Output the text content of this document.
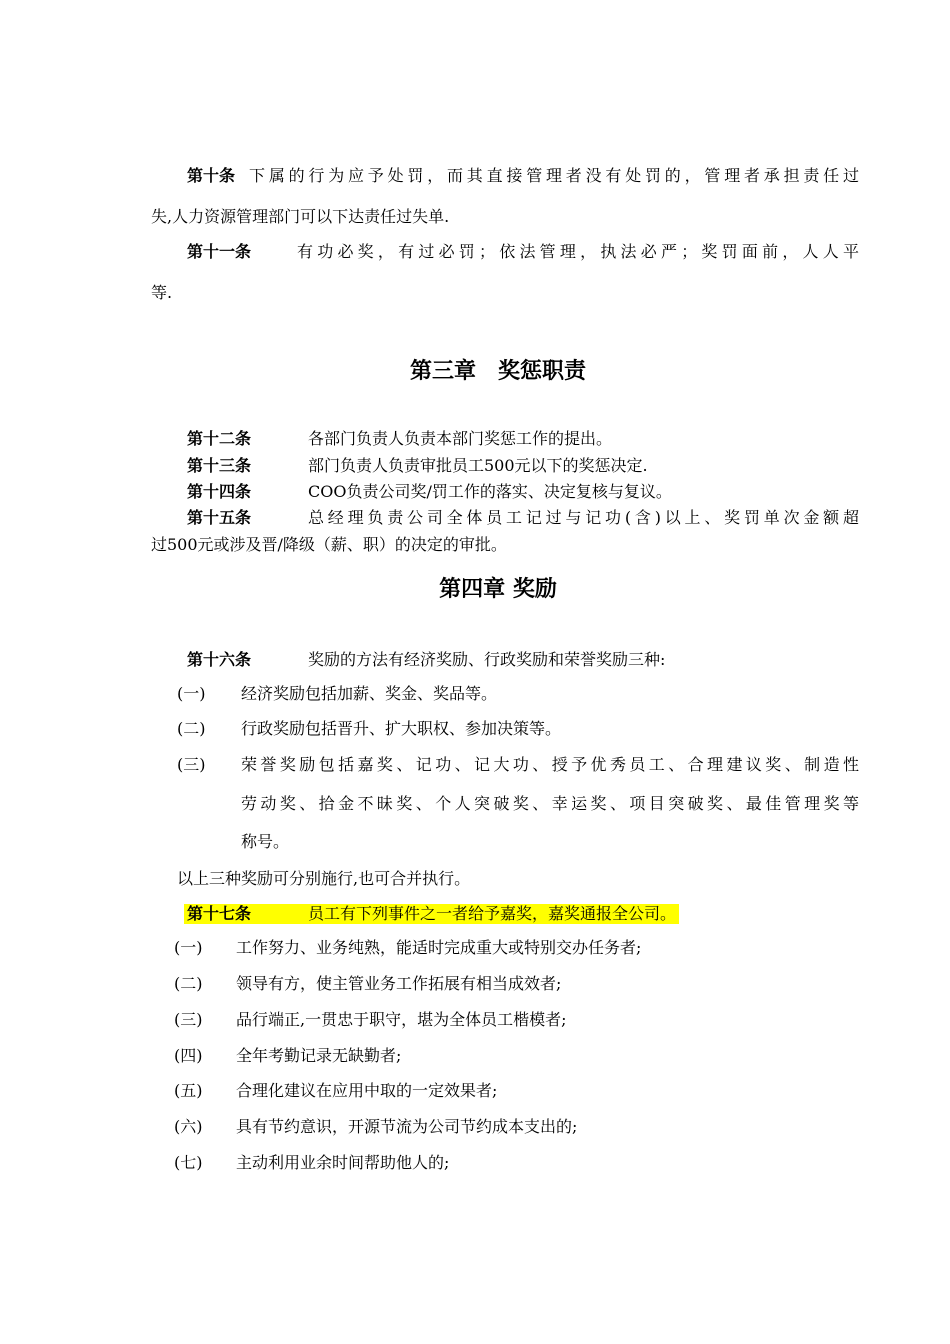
第十条 下属的行为应予处罚，而其直接管理者没有处罚的，管理者承担责任过
失,人力资源管理部门可以下达责任过失单.
第十一条	有功必奖，有过必罚；依法管理，执法必严；奖罚面前，人人平
等.
第三章　奖惩职责
第十二条	各部门负责人负责本部门奖惩工作的提出。
第十三条	部门负责人负责审批员工500元以下的奖惩决定.
第十四条	COO负责公司奖/罚工作的落实、决定复核与复议。
第十五条	总经理负责公司全体员工记过与记功(含)以上、奖罚单次金额超
过500元或涉及晋/降级（薪、职）的决定的审批。
第四章 奖励
第十六条	奖励的方法有经济奖励、行政奖励和荣誉奖励三种:
(一) 经济奖励包括加薪、奖金、奖品等。
(二) 行政奖励包括晋升、扩大职权、参加决策等。
(三)	荣誉奖励包括嘉奖、记功、记大功、授予优秀员工、合理建议奖、制造性
劳动奖、拾金不昧奖、个人突破奖、幸运奖、项目突破奖、最佳管理奖等
称号。
以上三种奖励可分别施行,也可合并执行。
第十七条	员工有下列事件之一者给予嘉奖，嘉奖通报全公司。
(一) 工作努力、业务纯熟，能适时完成重大或特别交办任务者;
(二) 领导有方，使主管业务工作拓展有相当成效者;
(三) 品行端正,一贯忠于职守，堪为全体员工楷模者;
(四) 全年考勤记录无缺勤者;
(五) 合理化建议在应用中取的一定效果者;
(六) 具有节约意识，开源节流为公司节约成本支出的;
(七) 主动利用业余时间帮助他人的;
